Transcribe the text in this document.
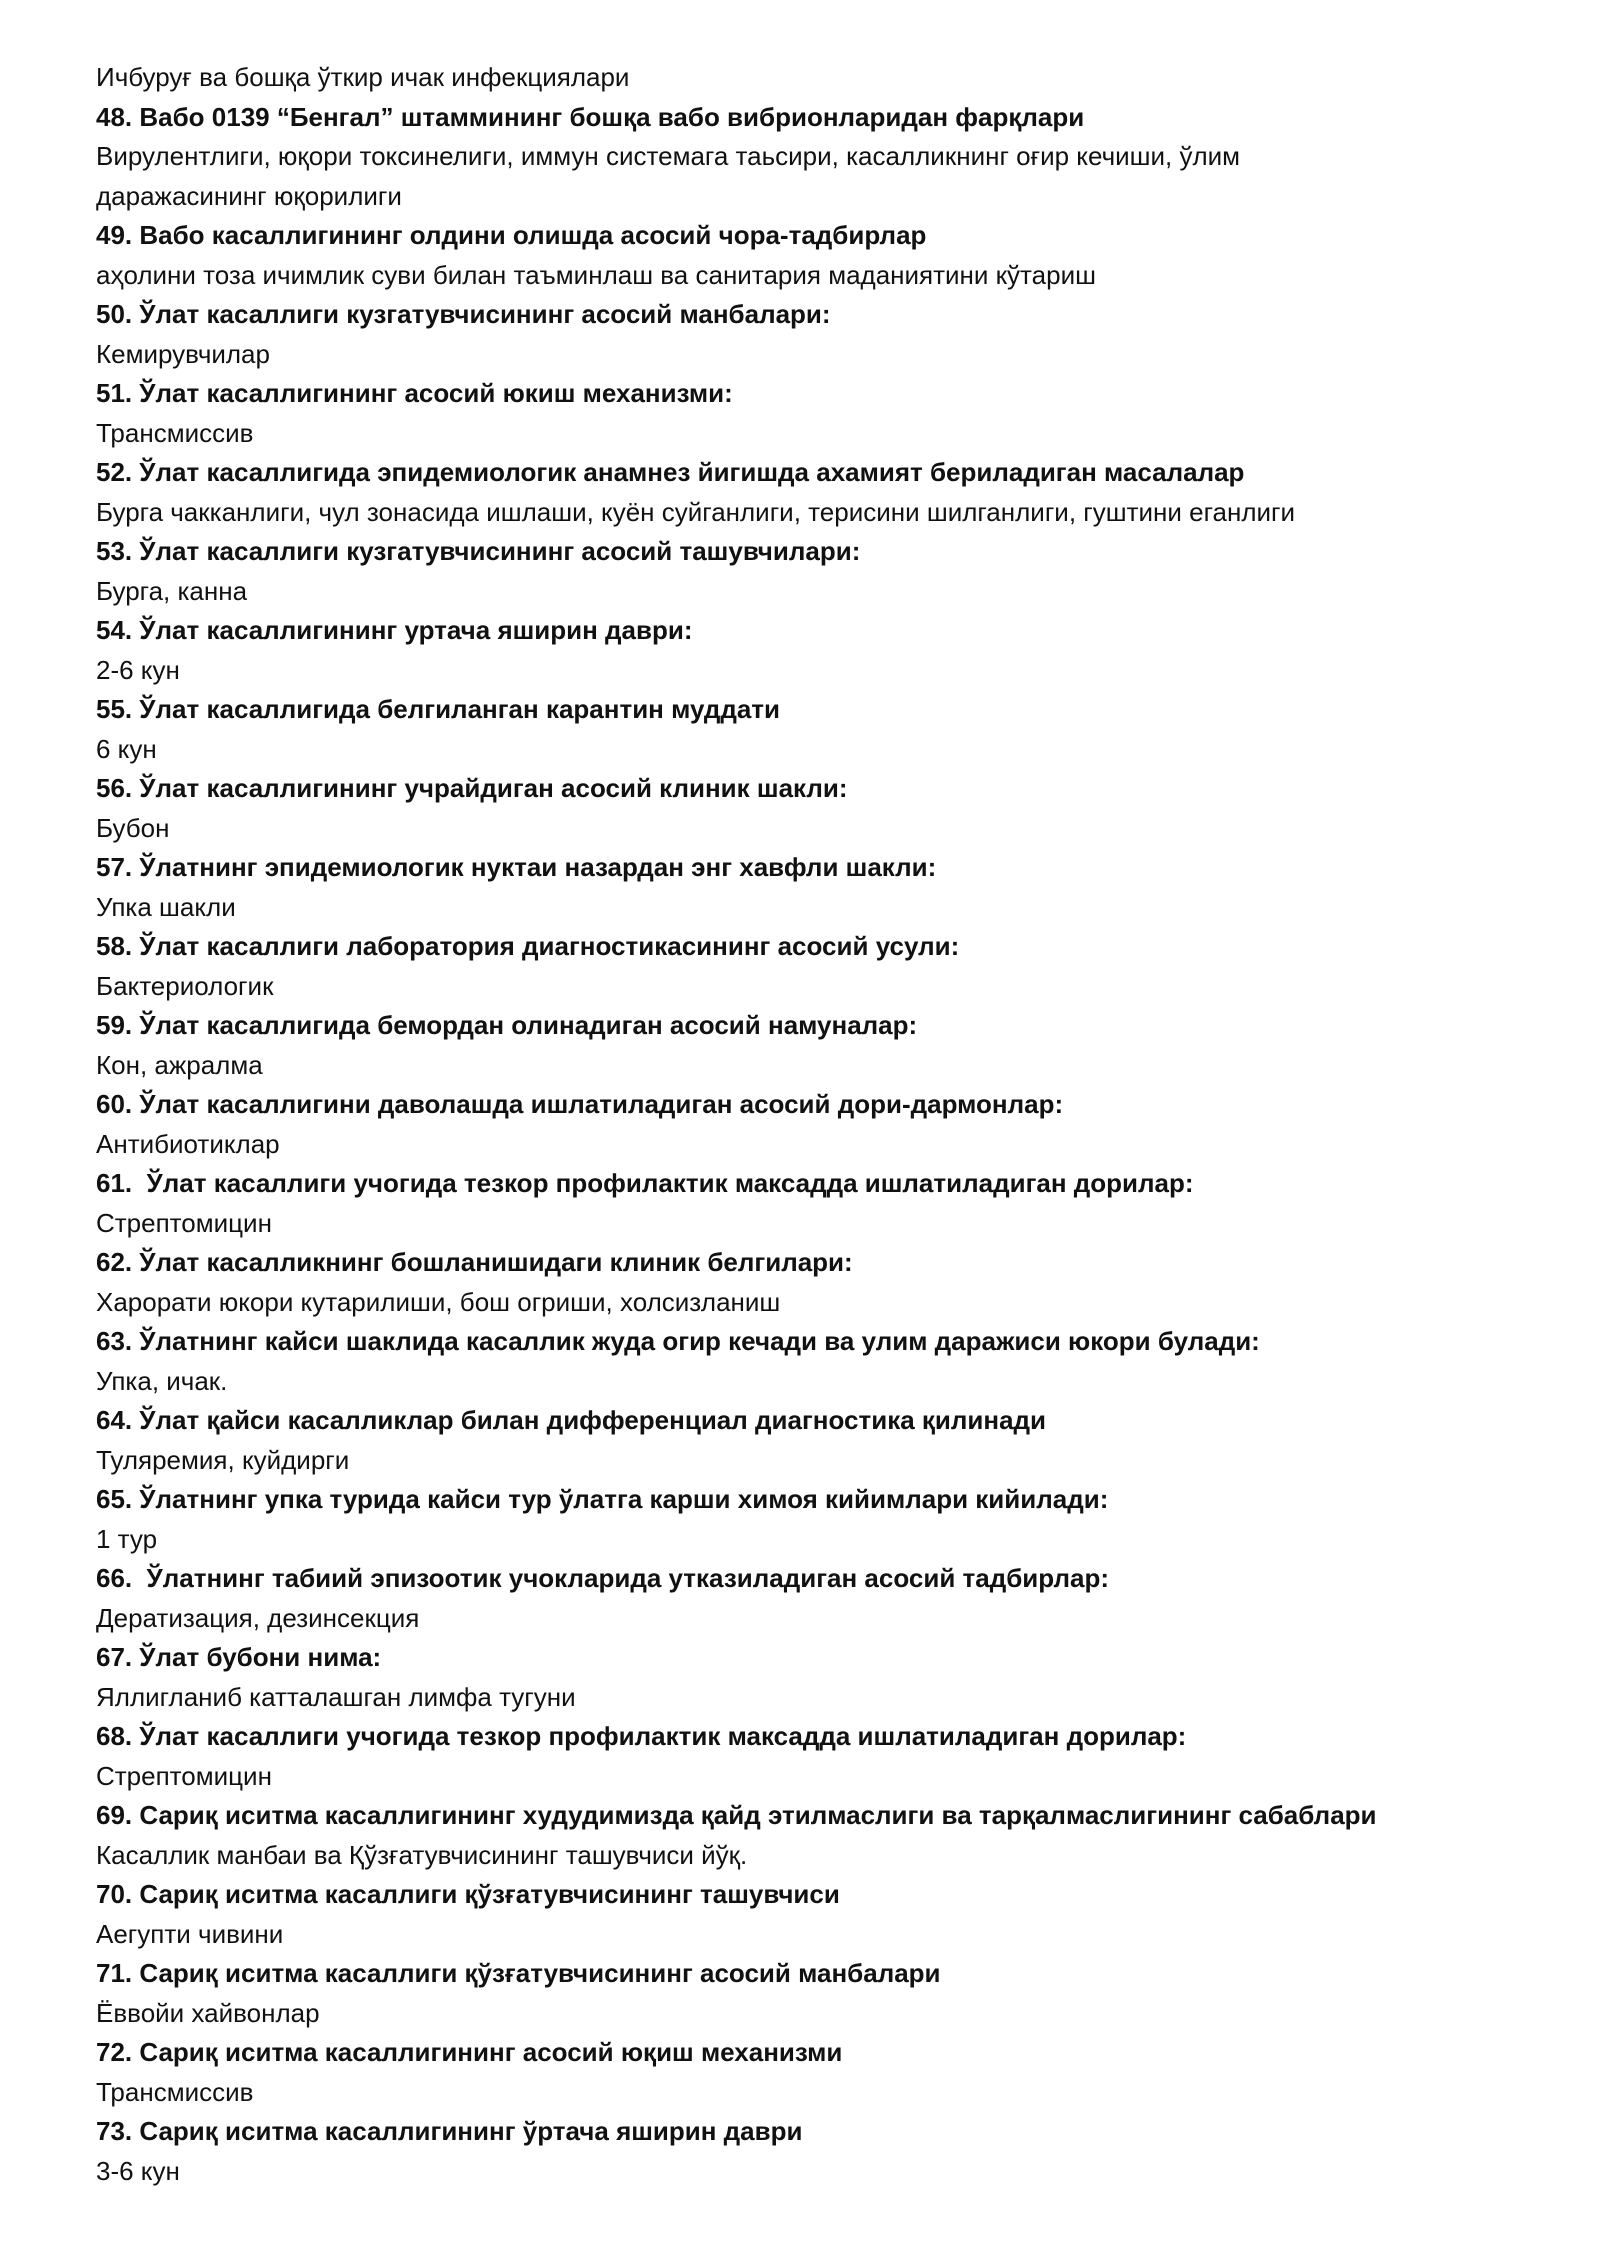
Ичбуруғ ва бошқа ўткир ичак инфекциялари
48. Вабо 0139 “Бенгал” штаммининг бошқа вабо вибрионларидан фарқлари
Вирулентлиги, юқори токсинелиги, иммун системага таьсири, касалликнинг оғир кечиши, ўлим
даражасининг юқорилиги
49. Вабо касаллигининг олдини олишда асосий чора-тадбирлар
аҳолини тоза ичимлик суви билан таъминлаш ва санитария маданиятини кўтариш
50. Ўлат касаллиги кузгатувчисининг асосий манбалари:
Кемирувчилар
51. Ўлат касаллигининг асосий юкиш механизми:
Трансмиссив
52. Ўлат касаллигида эпидемиологик анамнез йигишда ахамият бериладиган масалалар
Бурга чакканлиги, чул зонасида ишлаши, куён суйганлиги, терисини шилганлиги, гуштини еганлиги
53. Ўлат касаллиги кузгатувчисининг асосий ташувчилари:
Бурга, канна
54. Ўлат касаллигининг уртача яширин даври:
2-6 кун
55. Ўлат касаллигида белгиланган карантин муддати
6 кун
56. Ўлат касаллигининг учрайдиган асосий клиник шакли:
Бубон
57. Ўлатнинг эпидемиологик нуктаи назардан энг хавфли шакли:
Упка шакли
58. Ўлат касаллиги лаборатория диагностикасининг асосий усули:
Бактериологик
59. Ўлат касаллигида бемордан олинадиган асосий намуналар:
Кон, ажралма
60. Ўлат касаллигини даволашда ишлатиладиган асосий дори-дармонлар:
Антибиотиклар
61.  Ўлат касаллиги учогида тезкор профилактик максадда ишлатиладиган дорилар:
Стрептомицин
62. Ўлат касалликнинг бошланишидаги клиник белгилари:
Харорати юкори кутарилиши, бош огриши, холсизланиш
63. Ўлатнинг кайси шаклида касаллик жуда огир кечади ва улим даражиси юкори булади:
Упка, ичак.
64. Ўлат қайси касалликлар билан дифференциал диагностика қилинади
Туляремия, куйдирги
65. Ўлатнинг упка турида кайси тур ўлатга карши химоя кийимлари кийилади:
1 тур
66.  Ўлатнинг табиий эпизоотик учокларида утказиладиган асосий тадбирлар:
Дератизация, дезинсекция
67. Ўлат бубони нима:
Яллигланиб катталашган лимфа тугуни
68. Ўлат касаллиги учогида тезкор профилактик максадда ишлатиладиган дорилар:
Стрептомицин
69. Сариқ иситма касаллигининг худудимизда қайд этилмаслиги ва тарқалмаслигининг сабаблари
Касаллик манбаи ва Қўзғатувчисининг ташувчиси йўқ.
70. Сариқ иситма касаллиги қўзғатувчисининг ташувчиси
Аегупти чивини
71. Сариқ иситма касаллиги қўзғатувчисининг асосий манбалари
Ёввойи хайвонлар
72. Сариқ иситма касаллигининг асосий юқиш механизми
Трансмиссив
73. Сариқ иситма касаллигининг ўртача яширин даври
3-6 кун
